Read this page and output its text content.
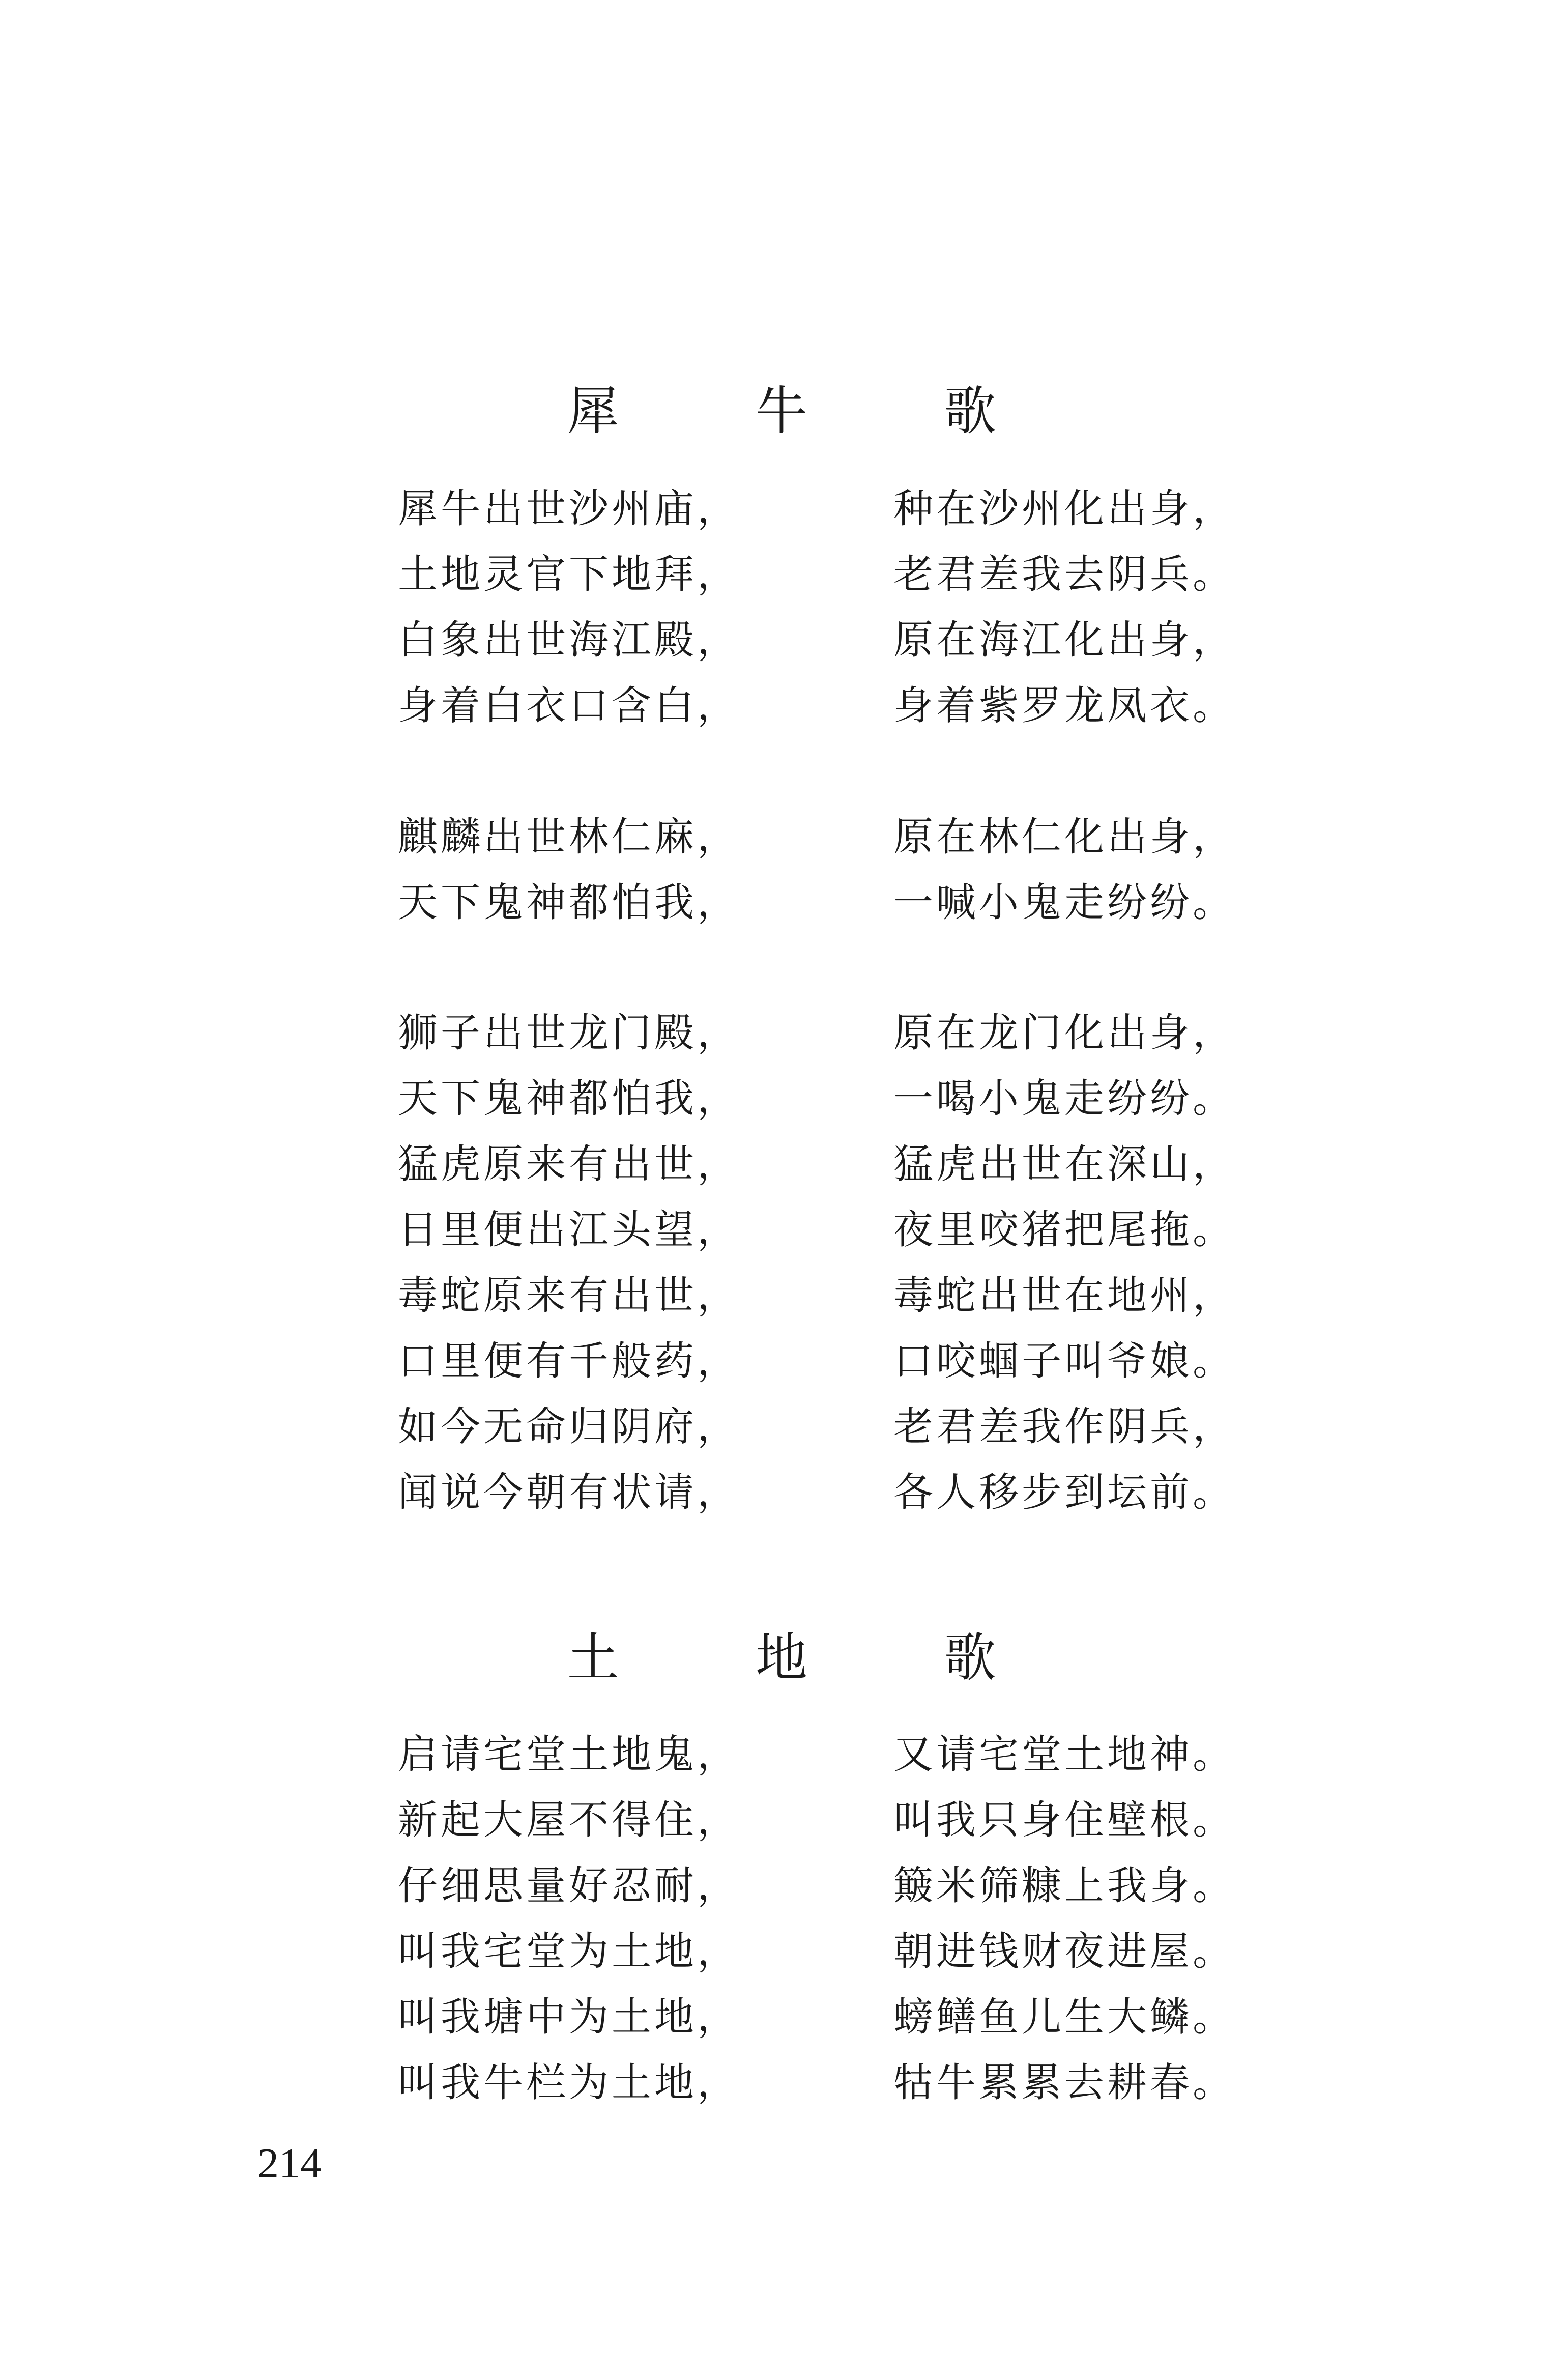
犀 牛 歌
犀牛出世沙州庙，	种在沙州化出身，
土地灵官下地拜，	老君差我去阴兵。
白象出世海江殿，	原在海江化出身，
身着白衣口含白，	身着紫罗龙凤衣。
麒麟出世林仁麻，	原在林仁化出身，
天下鬼神都怕我，	一喊小鬼走纷纷。
狮子出世龙门殿，	原在龙门化出身，
天下鬼神都怕我，	一喝小鬼走纷纷。
猛虎原来有出世，	猛虎出世在深山，
日里便出江头望，	夜里咬猪把尾拖。
毒蛇原来有出世，	毒蛇出世在地州，
口里便有千般药，	口咬蝈子叫爷娘。
如今无命归阴府，	老君差我作阴兵，
闻说今朝有状请，	各人移步到坛前。
土 地 歌
启请宅堂土地鬼，	又请宅堂土地神。
新起大屋不得住，	叫我只身住壁根。
仔细思量好忍耐，	簸米筛糠上我身。
叫我宅堂为土地，	朝进钱财夜进屋。
叫我塘中为土地，	螃鳝鱼儿生大鳞。
叫我牛栏为土地，	牯牛累累去耕春。
214
